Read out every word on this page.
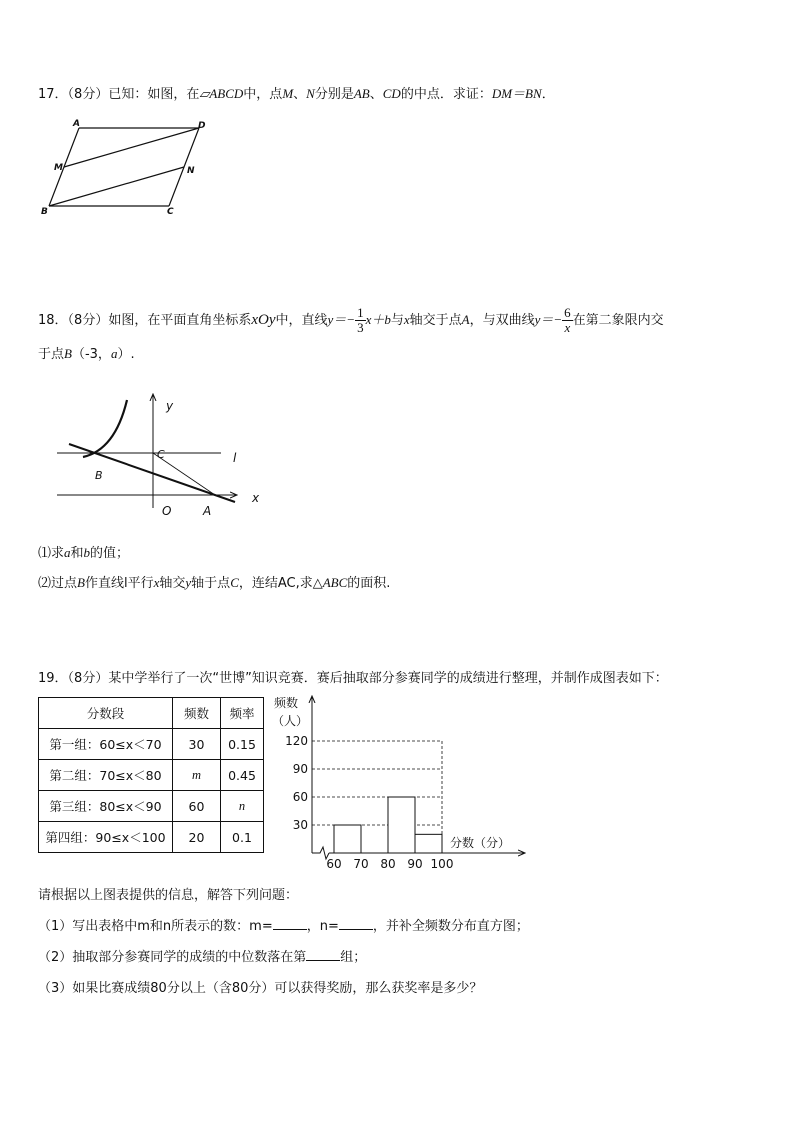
17．（8分）已知：如图，在▱ABCD中，点M、N分别是AB、CD的中点．求证：DM＝BN．
A	D
M	N
B	C
18．（8分）如图，在平面直角坐标系xOy中，直线$y=- \frac{1}{3} x+b$与x轴交于点A，与双曲线$y=- \frac{6}{x}$ 在第二象限内交
于点B（-3，a）.
y
l
x
B
C
O	A
⑴求a和b的值；
⑵过点B作直线l平行x轴交y轴于点C，连结AC,求△ABC的面积.
19．（8分）某中学举行了一次“世博”知识竞赛．赛后抽取部分参赛同学的成绩进行整理，并制作成图表如下：
分数段	频数	频率
第一组：60≤x＜70	30	0.15
第二组：70≤x＜80	m	0.45
第三组：80≤x＜90	60	n
第四组：90≤x＜100	20	0.1
频数
（人）
分数（分）
30
60
90
120
60 70 80 90 100
请根据以上图表提供的信息，解答下列问题：
（1）写出表格中m和n所表示的数：m=	，n=	，并补全频数分布直方图；
（2）抽取部分参赛同学的成绩的中位数落在第	组；
（3）如果比赛成绩80分以上（含80分）可以获得奖励，那么获奖率是多少？
